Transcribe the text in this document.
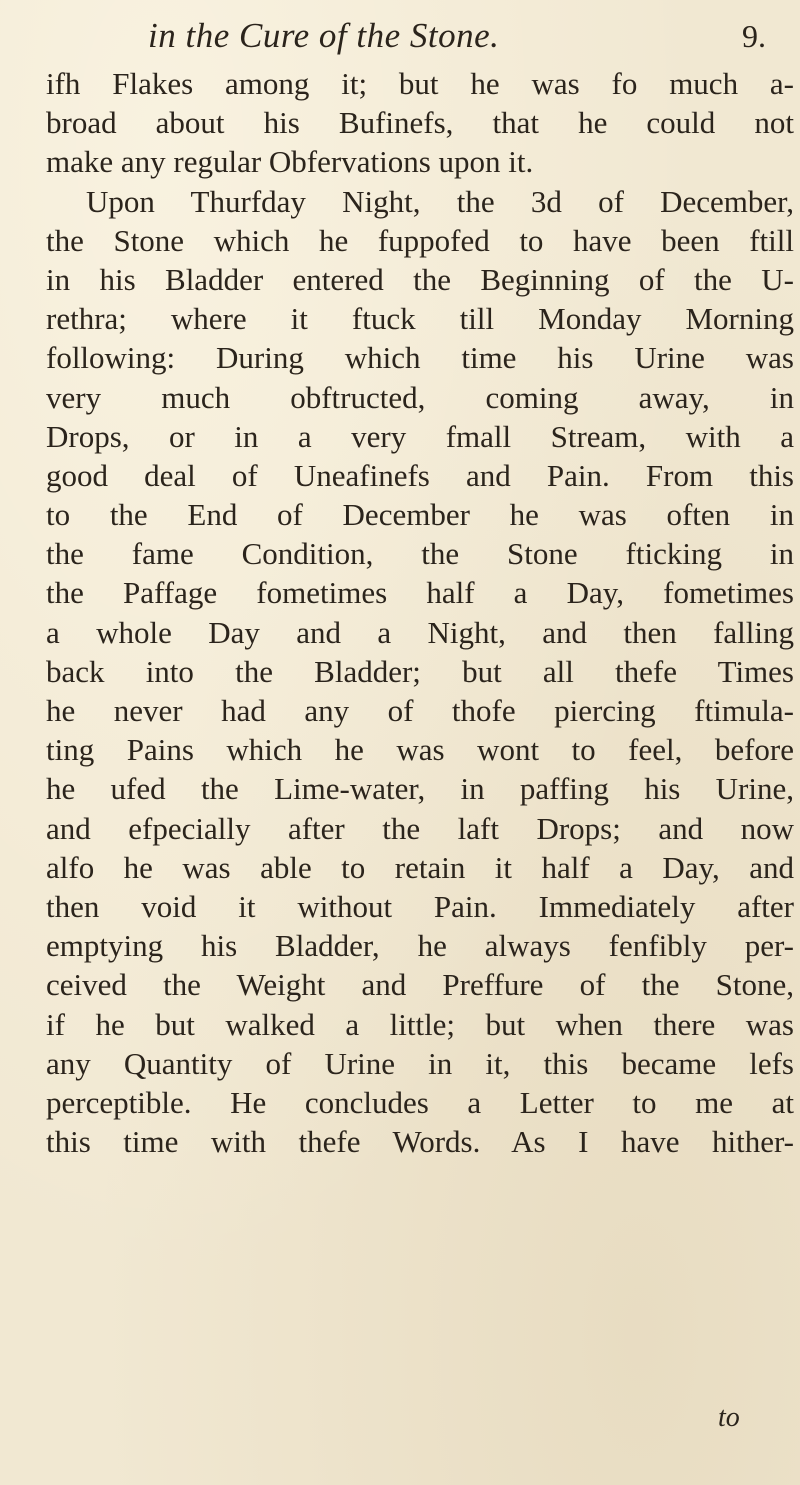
in the Cure of the Stone.	9.
ifh Flakes among it; but he was fo much a-
broad about his Bufinefs, that he could not
make any regular Obfervations upon it.
Upon Thurfday Night, the 3d of December,
the Stone which he fuppofed to have been ftill
in his Bladder entered the Beginning of the U-
rethra; where it ftuck till Monday Morning
following: During which time his Urine was
very much obftructed, coming away, in
Drops, or in a very fmall Stream, with a
good deal of Uneafinefs and Pain. From this
to the End of December he was often in
the fame Condition, the Stone fticking in
the Paffage fometimes half a Day, fometimes
a whole Day and a Night, and then falling
back into the Bladder; but all thefe Times
he never had any of thofe piercing ftimula-
ting Pains which he was wont to feel, before
he ufed the Lime-water, in paffing his Urine,
and efpecially after the laft Drops; and now
alfo he was able to retain it half a Day, and
then void it without Pain. Immediately after
emptying his Bladder, he always fenfibly per-
ceived the Weight and Preffure of the Stone,
if he but walked a little; but when there was
any Quantity of Urine in it, this became lefs
perceptible. He concludes a Letter to me at
this time with thefe Words. As I have hither-
to
